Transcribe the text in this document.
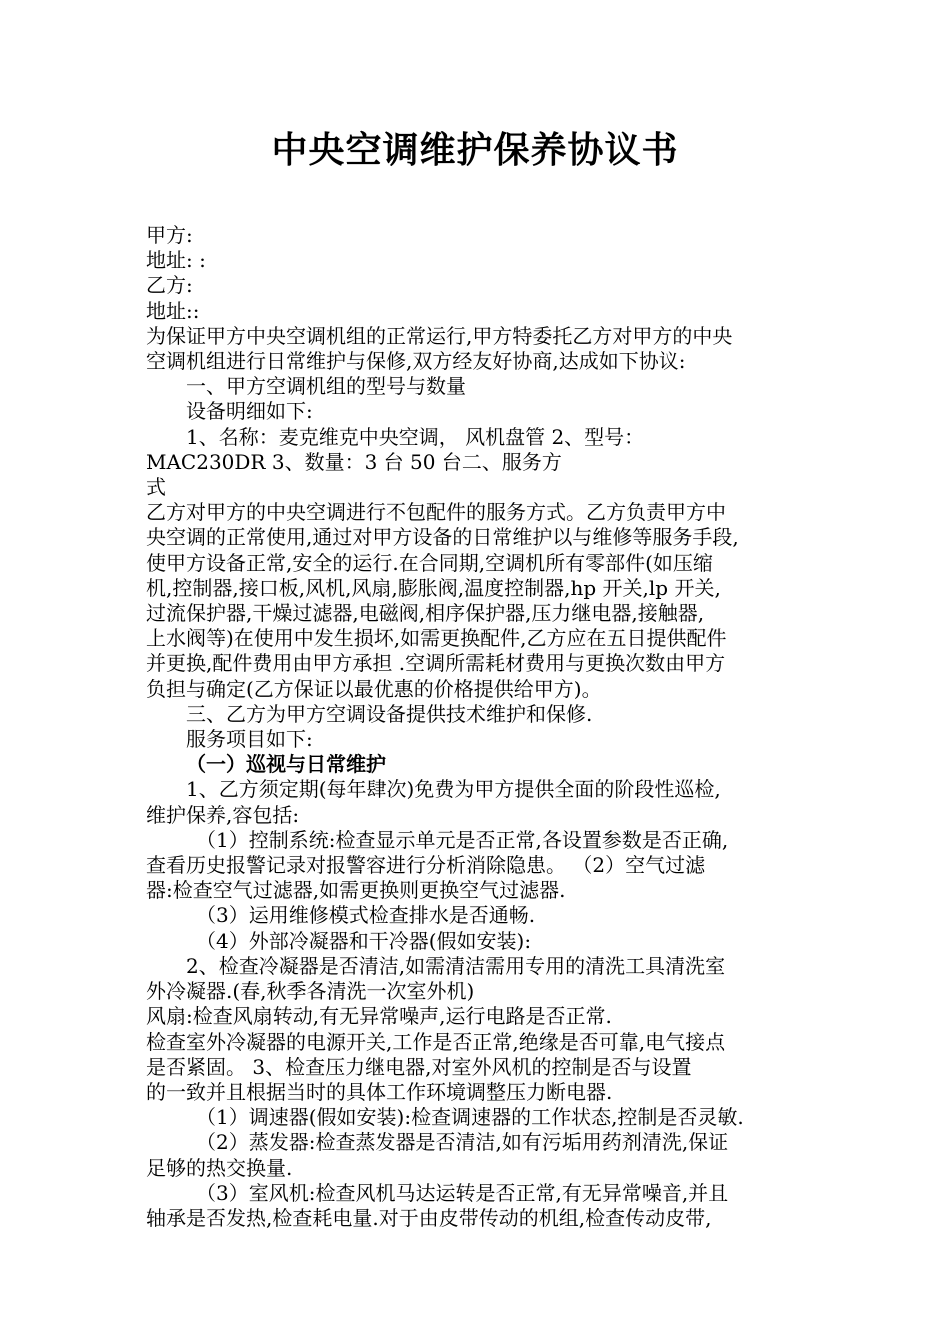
中央空调维护保养协议书

甲方:

地址: :

乙方:

地址::

为保证甲方中央空调机组的正常运行,甲方特委托乙方对甲方的中央

空调机组进行日常维护与保修,双方经友好协商,达成如下协议:

一、甲方空调机组的型号与数量

设备明细如下:

1、名称：麦克维克中央空调， 风机盘管 2、型号：

MAC230DR 3、数量：3 台 50 台二、服务方

式

乙方对甲方的中央空调进行不包配件的服务方式。乙方负责甲方中

央空调的正常使用,通过对甲方设备的日常维护以与维修等服务手段,

使甲方设备正常,安全的运行.在合同期,空调机所有零部件(如压缩

机,控制器,接口板,风机,风扇,膨胀阀,温度控制器,hp 开关,lp 开关,

过流保护器,干燥过滤器,电磁阀,相序保护器,压力继电器,接触器,

上水阀等)在使用中发生损坏,如需更换配件,乙方应在五日提供配件

并更换,配件费用由甲方承担 .空调所需耗材费用与更换次数由甲方

负担与确定(乙方保证以最优惠的价格提供给甲方)。

三、乙方为甲方空调设备提供技术维护和保修.

服务项目如下:

（一）巡视与日常维护

1、乙方须定期(每年肆次)免费为甲方提供全面的阶段性巡检,

维护保养,容包括:

（1）控制系统:检查显示单元是否正常,各设置参数是否正确,

查看历史报警记录对报警容进行分析消除隐患。 （2）空气过滤

器:检查空气过滤器,如需更换则更换空气过滤器.

（3）运用维修模式检查排水是否通畅.

（4）外部冷凝器和干冷器(假如安装):

2、检查冷凝器是否清洁,如需清洁需用专用的清洗工具清洗室

外冷凝器.(春,秋季各清洗一次室外机)

风扇:检查风扇转动,有无异常噪声,运行电路是否正常.

检查室外冷凝器的电源开关,工作是否正常,绝缘是否可靠,电气接点

是否紧固。 3、检查压力继电器,对室外风机的控制是否与设置

的一致并且根据当时的具体工作环境调整压力断电器.

（1）调速器(假如安装):检查调速器的工作状态,控制是否灵敏.

（2）蒸发器:检查蒸发器是否清洁,如有污垢用药剂清洗,保证

足够的热交换量.

（3）室风机:检查风机马达运转是否正常,有无异常噪音,并且

轴承是否发热,检查耗电量.对于由皮带传动的机组,检查传动皮带,
